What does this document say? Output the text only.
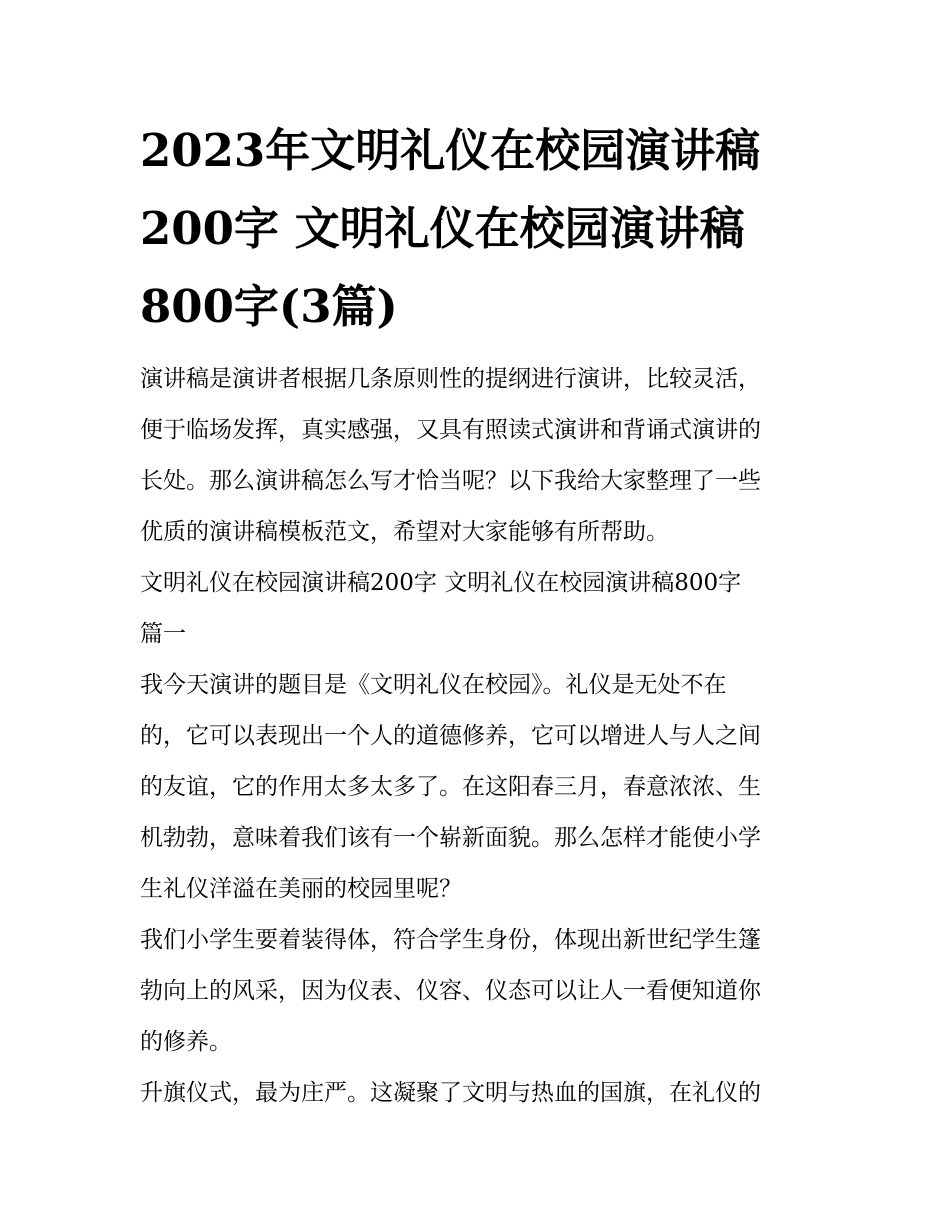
2023年文明礼仪在校园演讲稿
200字 文明礼仪在校园演讲稿
800字(3篇)

演讲稿是演讲者根据几条原则性的提纲进行演讲，比较灵活，

便于临场发挥，真实感强，又具有照读式演讲和背诵式演讲的

长处。那么演讲稿怎么写才恰当呢？以下我给大家整理了一些

优质的演讲稿模板范文，希望对大家能够有所帮助。

文明礼仪在校园演讲稿200字 文明礼仪在校园演讲稿800字

篇一

我今天演讲的题目是《文明礼仪在校园》。礼仪是无处不在

的，它可以表现出一个人的道德修养，它可以增进人与人之间

的友谊，它的作用太多太多了。在这阳春三月，春意浓浓、生

机勃勃，意味着我们该有一个崭新面貌。那么怎样才能使小学

生礼仪洋溢在美丽的校园里呢？

我们小学生要着装得体，符合学生身份，体现出新世纪学生篷

勃向上的风采，因为仪表、仪容、仪态可以让人一看便知道你

的修养。

升旗仪式，最为庄严。这凝聚了文明与热血的国旗，在礼仪的
